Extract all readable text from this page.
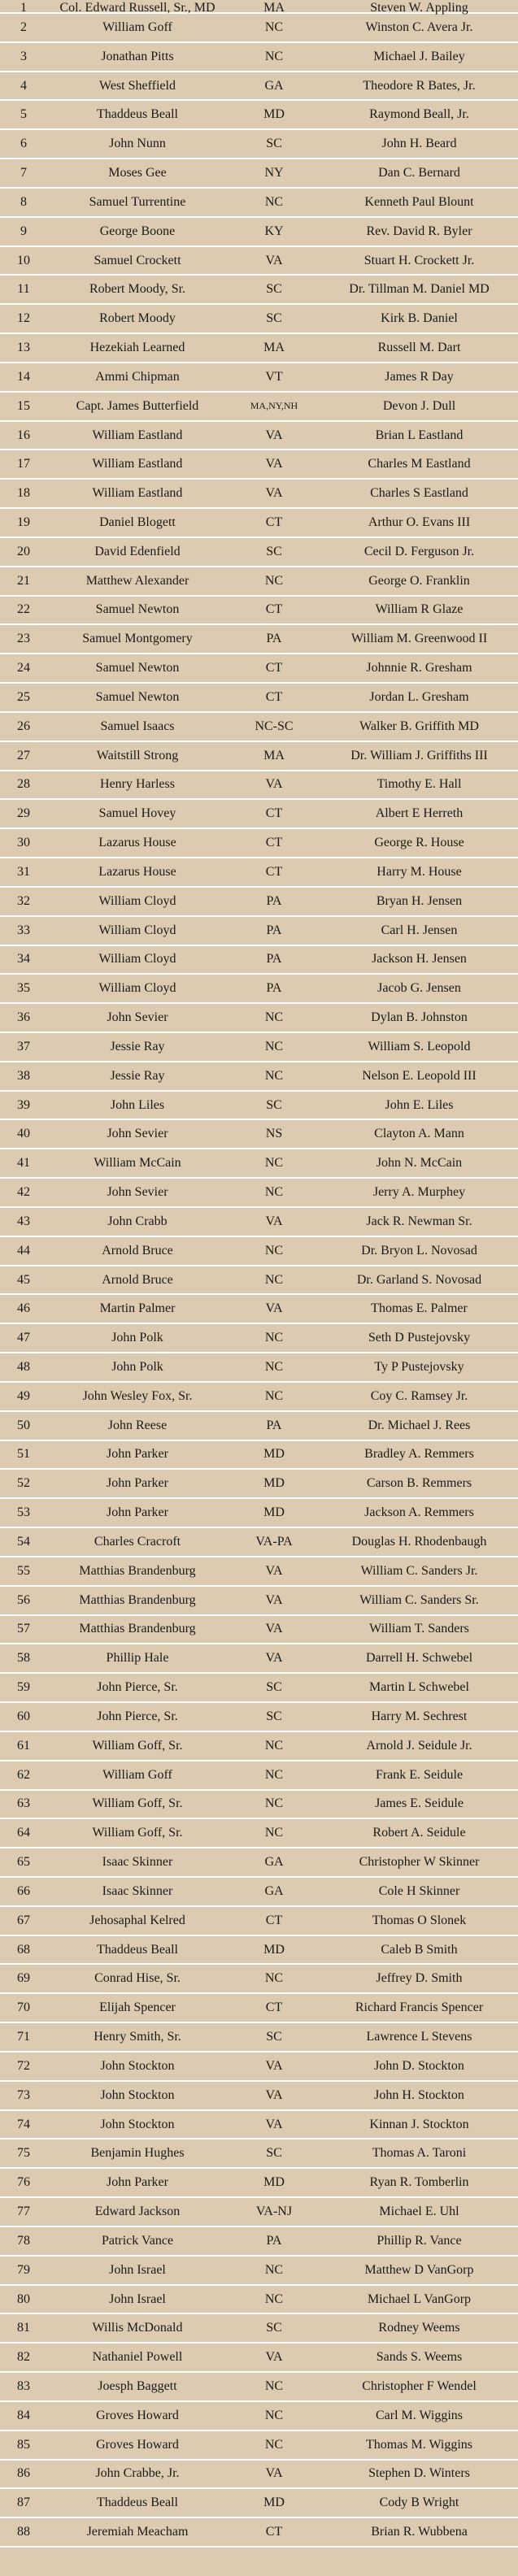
1	Col. Edward Russell, Sr., MD	MA	Steven W. Appling
2	William Goff	NC	Winston C. Avera Jr.
3	Jonathan Pitts	NC	Michael J. Bailey
4	West Sheffield	GA	Theodore R Bates, Jr.
5	Thaddeus Beall	MD	Raymond Beall, Jr.
6	John Nunn	SC	John H. Beard
7	Moses Gee	NY	Dan C. Bernard
8	Samuel Turrentine	NC	Kenneth Paul Blount
9	George Boone	KY	Rev. David R. Byler
10	Samuel Crockett	VA	Stuart H. Crockett Jr.
11	Robert Moody, Sr.	SC	Dr. Tillman M. Daniel MD
12	Robert Moody	SC	Kirk B. Daniel
13	Hezekiah Learned	MA	Russell M. Dart
14	Ammi Chipman	VT	James R Day
15	Capt. James Butterfield	MA,NY,NH	Devon J. Dull
16	William Eastland	VA	Brian L Eastland
17	William Eastland	VA	Charles M Eastland
18	William Eastland	VA	Charles S Eastland
19	Daniel Blogett	CT	Arthur O. Evans III
20	David Edenfield	SC	Cecil D. Ferguson Jr.
21	Matthew Alexander	NC	George O. Franklin
22	Samuel Newton	CT	William R Glaze
23	Samuel Montgomery	PA	William M. Greenwood II
24	Samuel Newton	CT	Johnnie R. Gresham
25	Samuel Newton	CT	Jordan L. Gresham
26	Samuel Isaacs	NC-SC	Walker B. Griffith MD
27	Waitstill Strong	MA	Dr. William J. Griffiths III
28	Henry Harless	VA	Timothy E. Hall
29	Samuel Hovey	CT	Albert E Herreth
30	Lazarus House	CT	George R. House
31	Lazarus House	CT	Harry M. House
32	William Cloyd	PA	Bryan H. Jensen
33	William Cloyd	PA	Carl H. Jensen
34	William Cloyd	PA	Jackson H. Jensen
35	William Cloyd	PA	Jacob G. Jensen
36	John Sevier	NC	Dylan B. Johnston
37	Jessie Ray	NC	William S. Leopold
38	Jessie Ray	NC	Nelson E. Leopold III
39	John Liles	SC	John E. Liles
40	John Sevier	NS	Clayton A. Mann
41	William McCain	NC	John N. McCain
42	John Sevier	NC	Jerry A. Murphey
43	John Crabb	VA	Jack R. Newman Sr.
44	Arnold Bruce	NC	Dr. Bryon L. Novosad
45	Arnold Bruce	NC	Dr. Garland S. Novosad
46	Martin Palmer	VA	Thomas E. Palmer
47	John Polk	NC	Seth D Pustejovsky
48	John Polk	NC	Ty P Pustejovsky
49	John Wesley Fox, Sr.	NC	Coy C. Ramsey Jr.
50	John Reese	PA	Dr. Michael J. Rees
51	John Parker	MD	Bradley A. Remmers
52	John Parker	MD	Carson B. Remmers
53	John Parker	MD	Jackson A. Remmers
54	Charles Cracroft	VA-PA	Douglas H. Rhodenbaugh
55	Matthias Brandenburg	VA	William C. Sanders Jr.
56	Matthias Brandenburg	VA	William C. Sanders Sr.
57	Matthias Brandenburg	VA	William T. Sanders
58	Phillip Hale	VA	Darrell H. Schwebel
59	John Pierce, Sr.	SC	Martin L Schwebel
60	John Pierce, Sr.	SC	Harry M. Sechrest
61	William Goff, Sr.	NC	Arnold J. Seidule Jr.
62	William Goff	NC	Frank E. Seidule
63	William Goff, Sr.	NC	James E. Seidule
64	William Goff, Sr.	NC	Robert A. Seidule
65	Isaac Skinner	GA	Christopher W Skinner
66	Isaac Skinner	GA	Cole H Skinner
67	Jehosaphal Kelred	CT	Thomas O Slonek
68	Thaddeus Beall	MD	Caleb B Smith
69	Conrad Hise, Sr.	NC	Jeffrey D. Smith
70	Elijah Spencer	CT	Richard Francis Spencer
71	Henry Smith, Sr.	SC	Lawrence L Stevens
72	John Stockton	VA	John D. Stockton
73	John Stockton	VA	John H. Stockton
74	John Stockton	VA	Kinnan J. Stockton
75	Benjamin Hughes	SC	Thomas A. Taroni
76	John Parker	MD	Ryan R. Tomberlin
77	Edward Jackson	VA-NJ	Michael E. Uhl
78	Patrick Vance	PA	Phillip R. Vance
79	John Israel	NC	Matthew D VanGorp
80	John Israel	NC	Michael L VanGorp
81	Willis McDonald	SC	Rodney Weems
82	Nathaniel Powell	VA	Sands S. Weems
83	Joesph Baggett	NC	Christopher F Wendel
84	Groves Howard	NC	Carl M. Wiggins
85	Groves Howard	NC	Thomas M. Wiggins
86	John Crabbe, Jr.	VA	Stephen D. Winters
87	Thaddeus Beall	MD	Cody B Wright
88	Jeremiah Meacham	CT	Brian R. Wubbena
